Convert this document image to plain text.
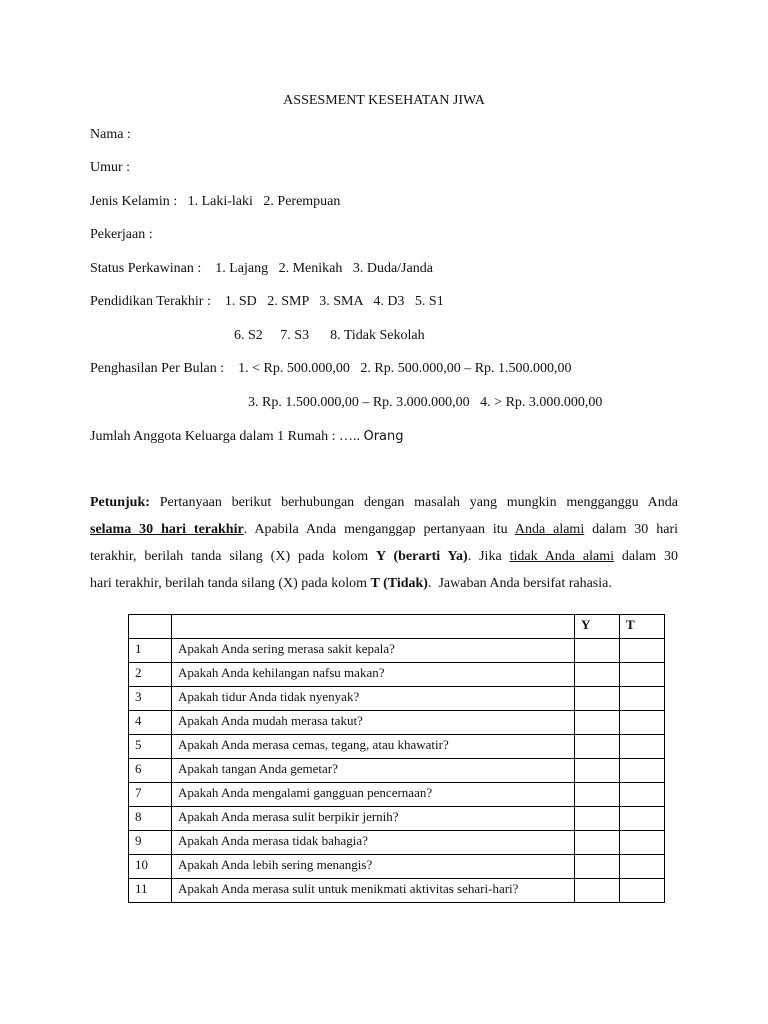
ASSESMENT KESEHATAN JIWA
Nama :
Umur :
Jenis Kelamin :   1. Laki-laki   2. Perempuan
Pekerjaan :
Status Perkawinan :    1. Lajang   2. Menikah   3. Duda/Janda
Pendidikan Terakhir :    1. SD   2. SMP   3. SMA   4. D3   5. S1
6. S2     7. S3      8. Tidak Sekolah
Penghasilan Per Bulan :    1. < Rp. 500.000,00   2. Rp. 500.000,00 – Rp. 1.500.000,00
3. Rp. 1.500.000,00 – Rp. 3.000.000,00   4. > Rp. 3.000.000,00
Jumlah Anggota Keluarga dalam 1 Rumah : ….. Orang
Petunjuk: Pertanyaan berikut berhubungan dengan masalah yang mungkin mengganggu Anda
selama 30 hari terakhir. Apabila Anda menganggap pertanyaan itu Anda alami dalam 30 hari
terakhir, berilah tanda silang (X) pada kolom Y (berarti Ya). Jika tidak Anda alami dalam 30
hari terakhir, berilah tanda silang (X) pada kolom T (Tidak).  Jawaban Anda bersifat rahasia.
		Y	T
1	Apakah Anda sering merasa sakit kepala?		
2	Apakah Anda kehilangan nafsu makan?		
3	Apakah tidur Anda tidak nyenyak?		
4	Apakah Anda mudah merasa takut?		
5	Apakah Anda merasa cemas, tegang, atau khawatir?		
6	Apakah tangan Anda gemetar?		
7	Apakah Anda mengalami gangguan pencernaan?		
8	Apakah Anda merasa sulit berpikir jernih?		
9	Apakah Anda merasa tidak bahagia?		
10	Apakah Anda lebih sering menangis?		
11	Apakah Anda merasa sulit untuk menikmati aktivitas sehari-hari?		
